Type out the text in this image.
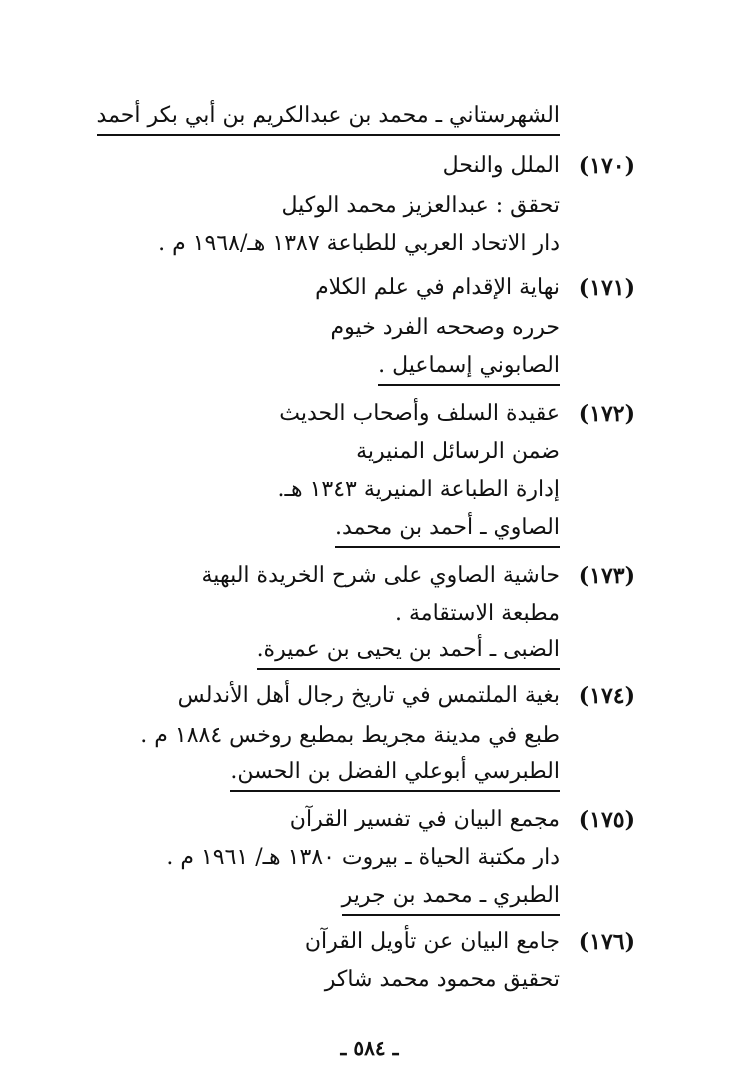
الشهرستاني ـ محمد بن عبدالكريم بن أبي بكر أحمد
(١٧٠)
الملل والنحل
تحقق : عبدالعزيز محمد الوكيل
دار الاتحاد العربي للطباعة ١٣٨٧ هـ/١٩٦٨ م .
(١٧١)
نهاية الإقدام في علم الكلام
حرره وصححه الفرد خيوم
الصابوني إسماعيل .
(١٧٢)
عقيدة السلف وأصحاب الحديث
ضمن الرسائل المنيرية
إدارة الطباعة المنيرية ١٣٤٣ هـ.
الصاوي ـ أحمد بن محمد.
(١٧٣)
حاشية الصاوي على شرح الخريدة البهية
مطبعة الاستقامة .
الضبى ـ أحمد بن يحيى بن عميرة.
(١٧٤)
بغية الملتمس في تاريخ رجال أهل الأندلس
طبع في مدينة مجريط بمطبع روخس ١٨٨٤ م .
الطبرسي أبوعلي الفضل بن الحسن.
(١٧٥)
مجمع البيان في تفسير القرآن
دار مكتبة الحياة ـ بيروت ١٣٨٠ هـ/ ١٩٦١ م .
الطبري ـ محمد بن جرير
(١٧٦)
جامع البيان عن تأويل القرآن
تحقيق محمود محمد شاكر
ـ ٥٨٤ ـ
